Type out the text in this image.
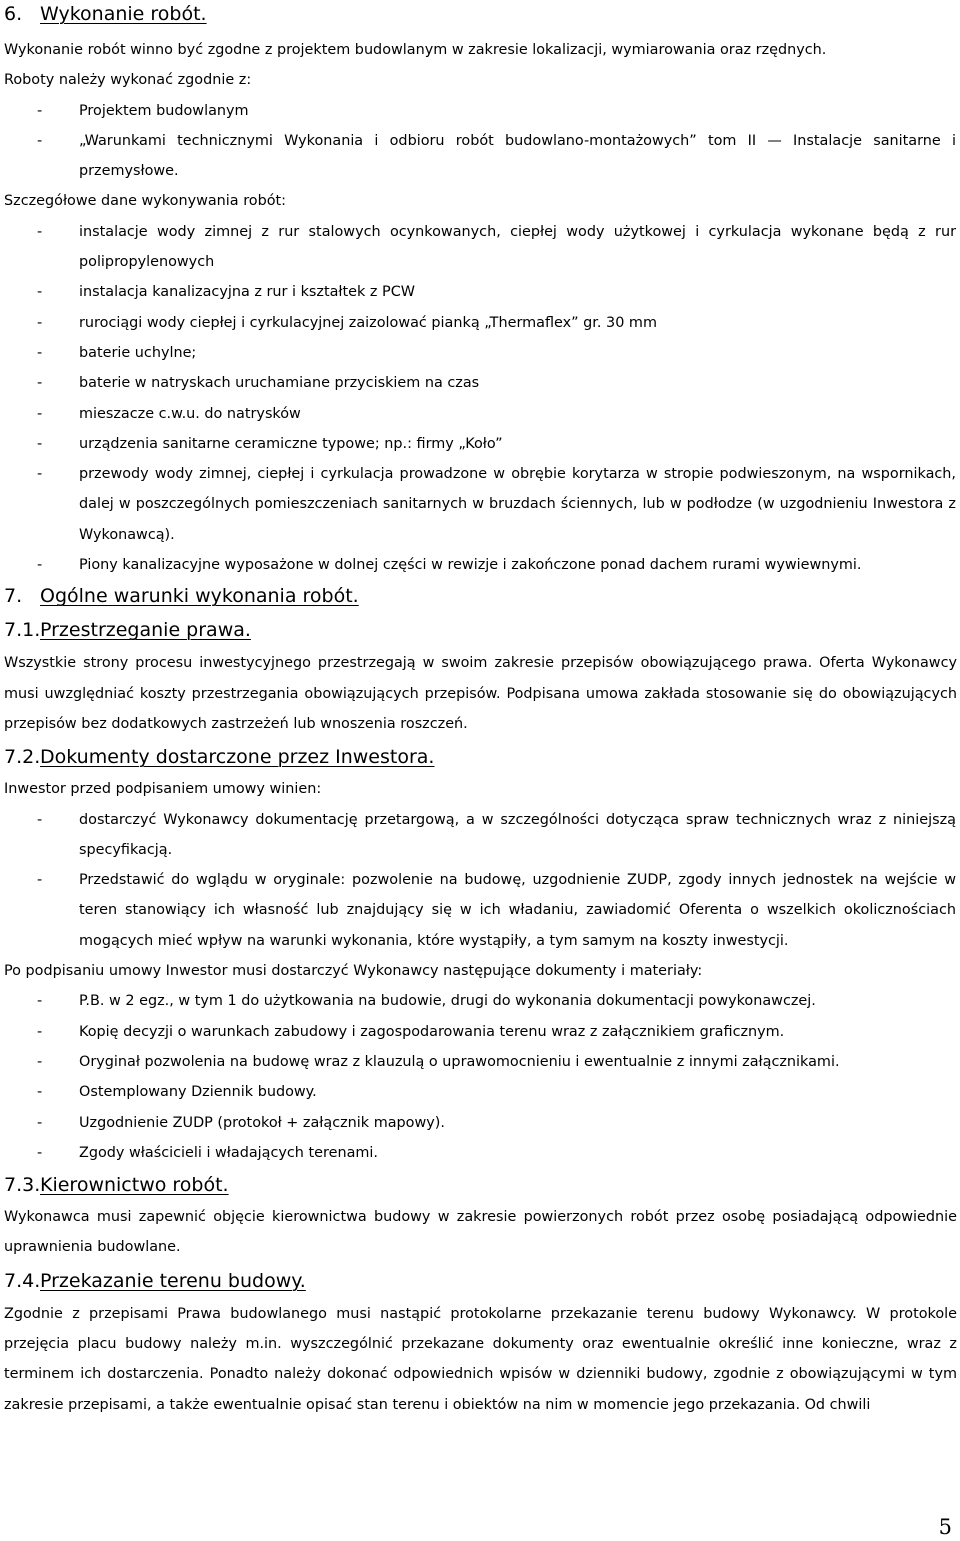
6. Wykonanie robót.
Wykonanie robót winno być zgodne z projektem budowlanym w zakresie lokalizacji, wymiarowania oraz rzędnych.
Roboty należy wykonać zgodnie z:
-	Projektem budowlanym
-	„Warunkami technicznymi Wykonania i odbioru robót budowlano-montażowych” tom II — Instalacje sanitarne i przemysłowe.
Szczegółowe dane wykonywania robót:
-	instalacje wody zimnej z rur stalowych ocynkowanych, ciepłej wody użytkowej i cyrkulacja wykonane będą z rur polipropylenowych
-	instalacja kanalizacyjna z rur i kształtek z PCW
-	rurociągi wody ciepłej i cyrkulacyjnej zaizolować pianką „Thermaflex” gr. 30 mm
-	baterie uchylne;
-	baterie w natryskach uruchamiane przyciskiem na czas
-	mieszacze c.w.u. do natrysków
-	urządzenia sanitarne ceramiczne typowe; np.: firmy „Koło”
-	przewody wody zimnej, ciepłej i cyrkulacja prowadzone w obrębie korytarza w stropie podwieszonym, na wspornikach, dalej w poszczególnych pomieszczeniach sanitarnych w bruzdach ściennych, lub w podłodze (w uzgodnieniu Inwestora z Wykonawcą).
-	Piony kanalizacyjne wyposażone w dolnej części w rewizje i zakończone ponad dachem rurami wywiewnymi.
7. Ogólne warunki wykonania robót.
7.1. Przestrzeganie prawa.
Wszystkie strony procesu inwestycyjnego przestrzegają w swoim zakresie przepisów obowiązującego prawa. Oferta Wykonawcy musi uwzględniać koszty przestrzegania obowiązujących przepisów. Podpisana umowa zakłada stosowanie się do obowiązujących przepisów bez dodatkowych zastrzeżeń lub wnoszenia roszczeń.
7.2. Dokumenty dostarczone przez Inwestora.
Inwestor przed podpisaniem umowy winien:
-	dostarczyć Wykonawcy dokumentację przetargową, a w szczególności dotycząca spraw technicznych wraz z niniejszą specyfikacją.
-	Przedstawić do wglądu w oryginale: pozwolenie na budowę, uzgodnienie ZUDP, zgody innych jednostek na wejście w teren stanowiący ich własność lub znajdujący się w ich władaniu, zawiadomić Oferenta o wszelkich okolicznościach mogących mieć wpływ na warunki wykonania, które wystąpiły, a tym samym na koszty inwestycji.
Po podpisaniu umowy Inwestor musi dostarczyć Wykonawcy następujące dokumenty i materiały:
-	P.B. w 2 egz., w tym 1 do użytkowania na budowie, drugi do wykonania dokumentacji powykonawczej.
-	Kopię decyzji o warunkach zabudowy i zagospodarowania terenu wraz z załącznikiem graficznym.
-	Oryginał pozwolenia na budowę wraz z klauzulą o uprawomocnieniu i ewentualnie z innymi załącznikami.
-	Ostemplowany Dziennik budowy.
-	Uzgodnienie ZUDP (protokoł + załącznik mapowy).
-	Zgody właścicieli i władających terenami.
7.3. Kierownictwo robót.
Wykonawca musi zapewnić objęcie kierownictwa budowy w zakresie powierzonych robót przez osobę posiadającą odpowiednie uprawnienia budowlane.
7.4. Przekazanie terenu budowy.
Zgodnie z przepisami Prawa budowlanego musi nastąpić protokolarne przekazanie terenu budowy Wykonawcy. W protokole przejęcia placu budowy należy m.in. wyszczególnić przekazane dokumenty oraz ewentualnie określić inne konieczne, wraz z terminem ich dostarczenia. Ponadto należy dokonać odpowiednich wpisów w dzienniki budowy, zgodnie z obowiązującymi w tym zakresie przepisami, a także ewentualnie opisać stan terenu i obiektów na nim w momencie jego przekazania. Od chwili
5
